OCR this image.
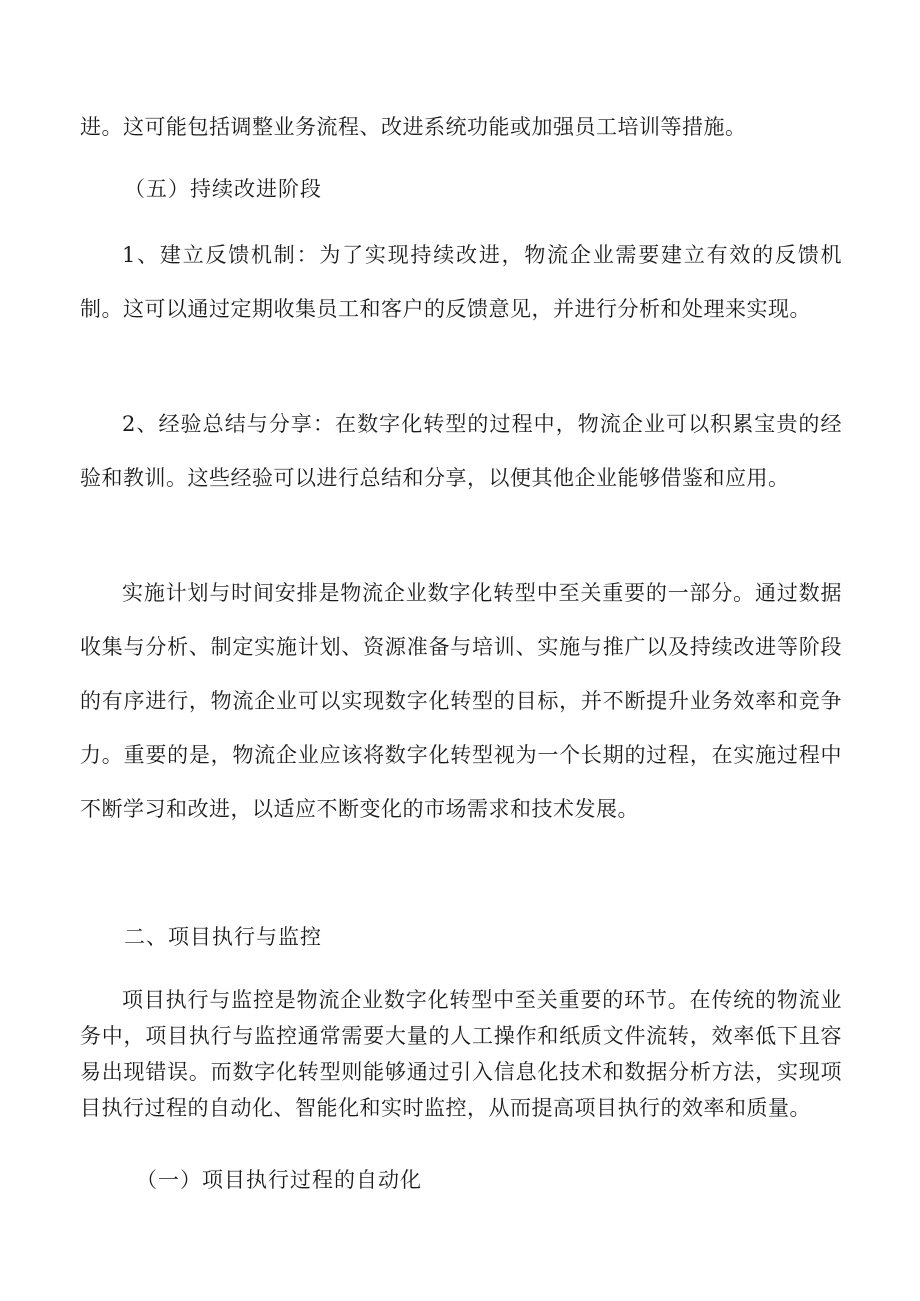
进。这可能包括调整业务流程、改进系统功能或加强员工培训等措施。

（五）持续改进阶段

1、建立反馈机制：为了实现持续改进，物流企业需要建立有效的反馈机制。这可以通过定期收集员工和客户的反馈意见，并进行分析和处理来实现。

2、经验总结与分享：在数字化转型的过程中，物流企业可以积累宝贵的经验和教训。这些经验可以进行总结和分享，以便其他企业能够借鉴和应用。

实施计划与时间安排是物流企业数字化转型中至关重要的一部分。通过数据收集与分析、制定实施计划、资源准备与培训、实施与推广以及持续改进等阶段的有序进行，物流企业可以实现数字化转型的目标，并不断提升业务效率和竞争力。重要的是，物流企业应该将数字化转型视为一个长期的过程，在实施过程中不断学习和改进，以适应不断变化的市场需求和技术发展。

二、项目执行与监控

项目执行与监控是物流企业数字化转型中至关重要的环节。在传统的物流业务中，项目执行与监控通常需要大量的人工操作和纸质文件流转，效率低下且容易出现错误。而数字化转型则能够通过引入信息化技术和数据分析方法，实现项目执行过程的自动化、智能化和实时监控，从而提高项目执行的效率和质量。

（一）项目执行过程的自动化
